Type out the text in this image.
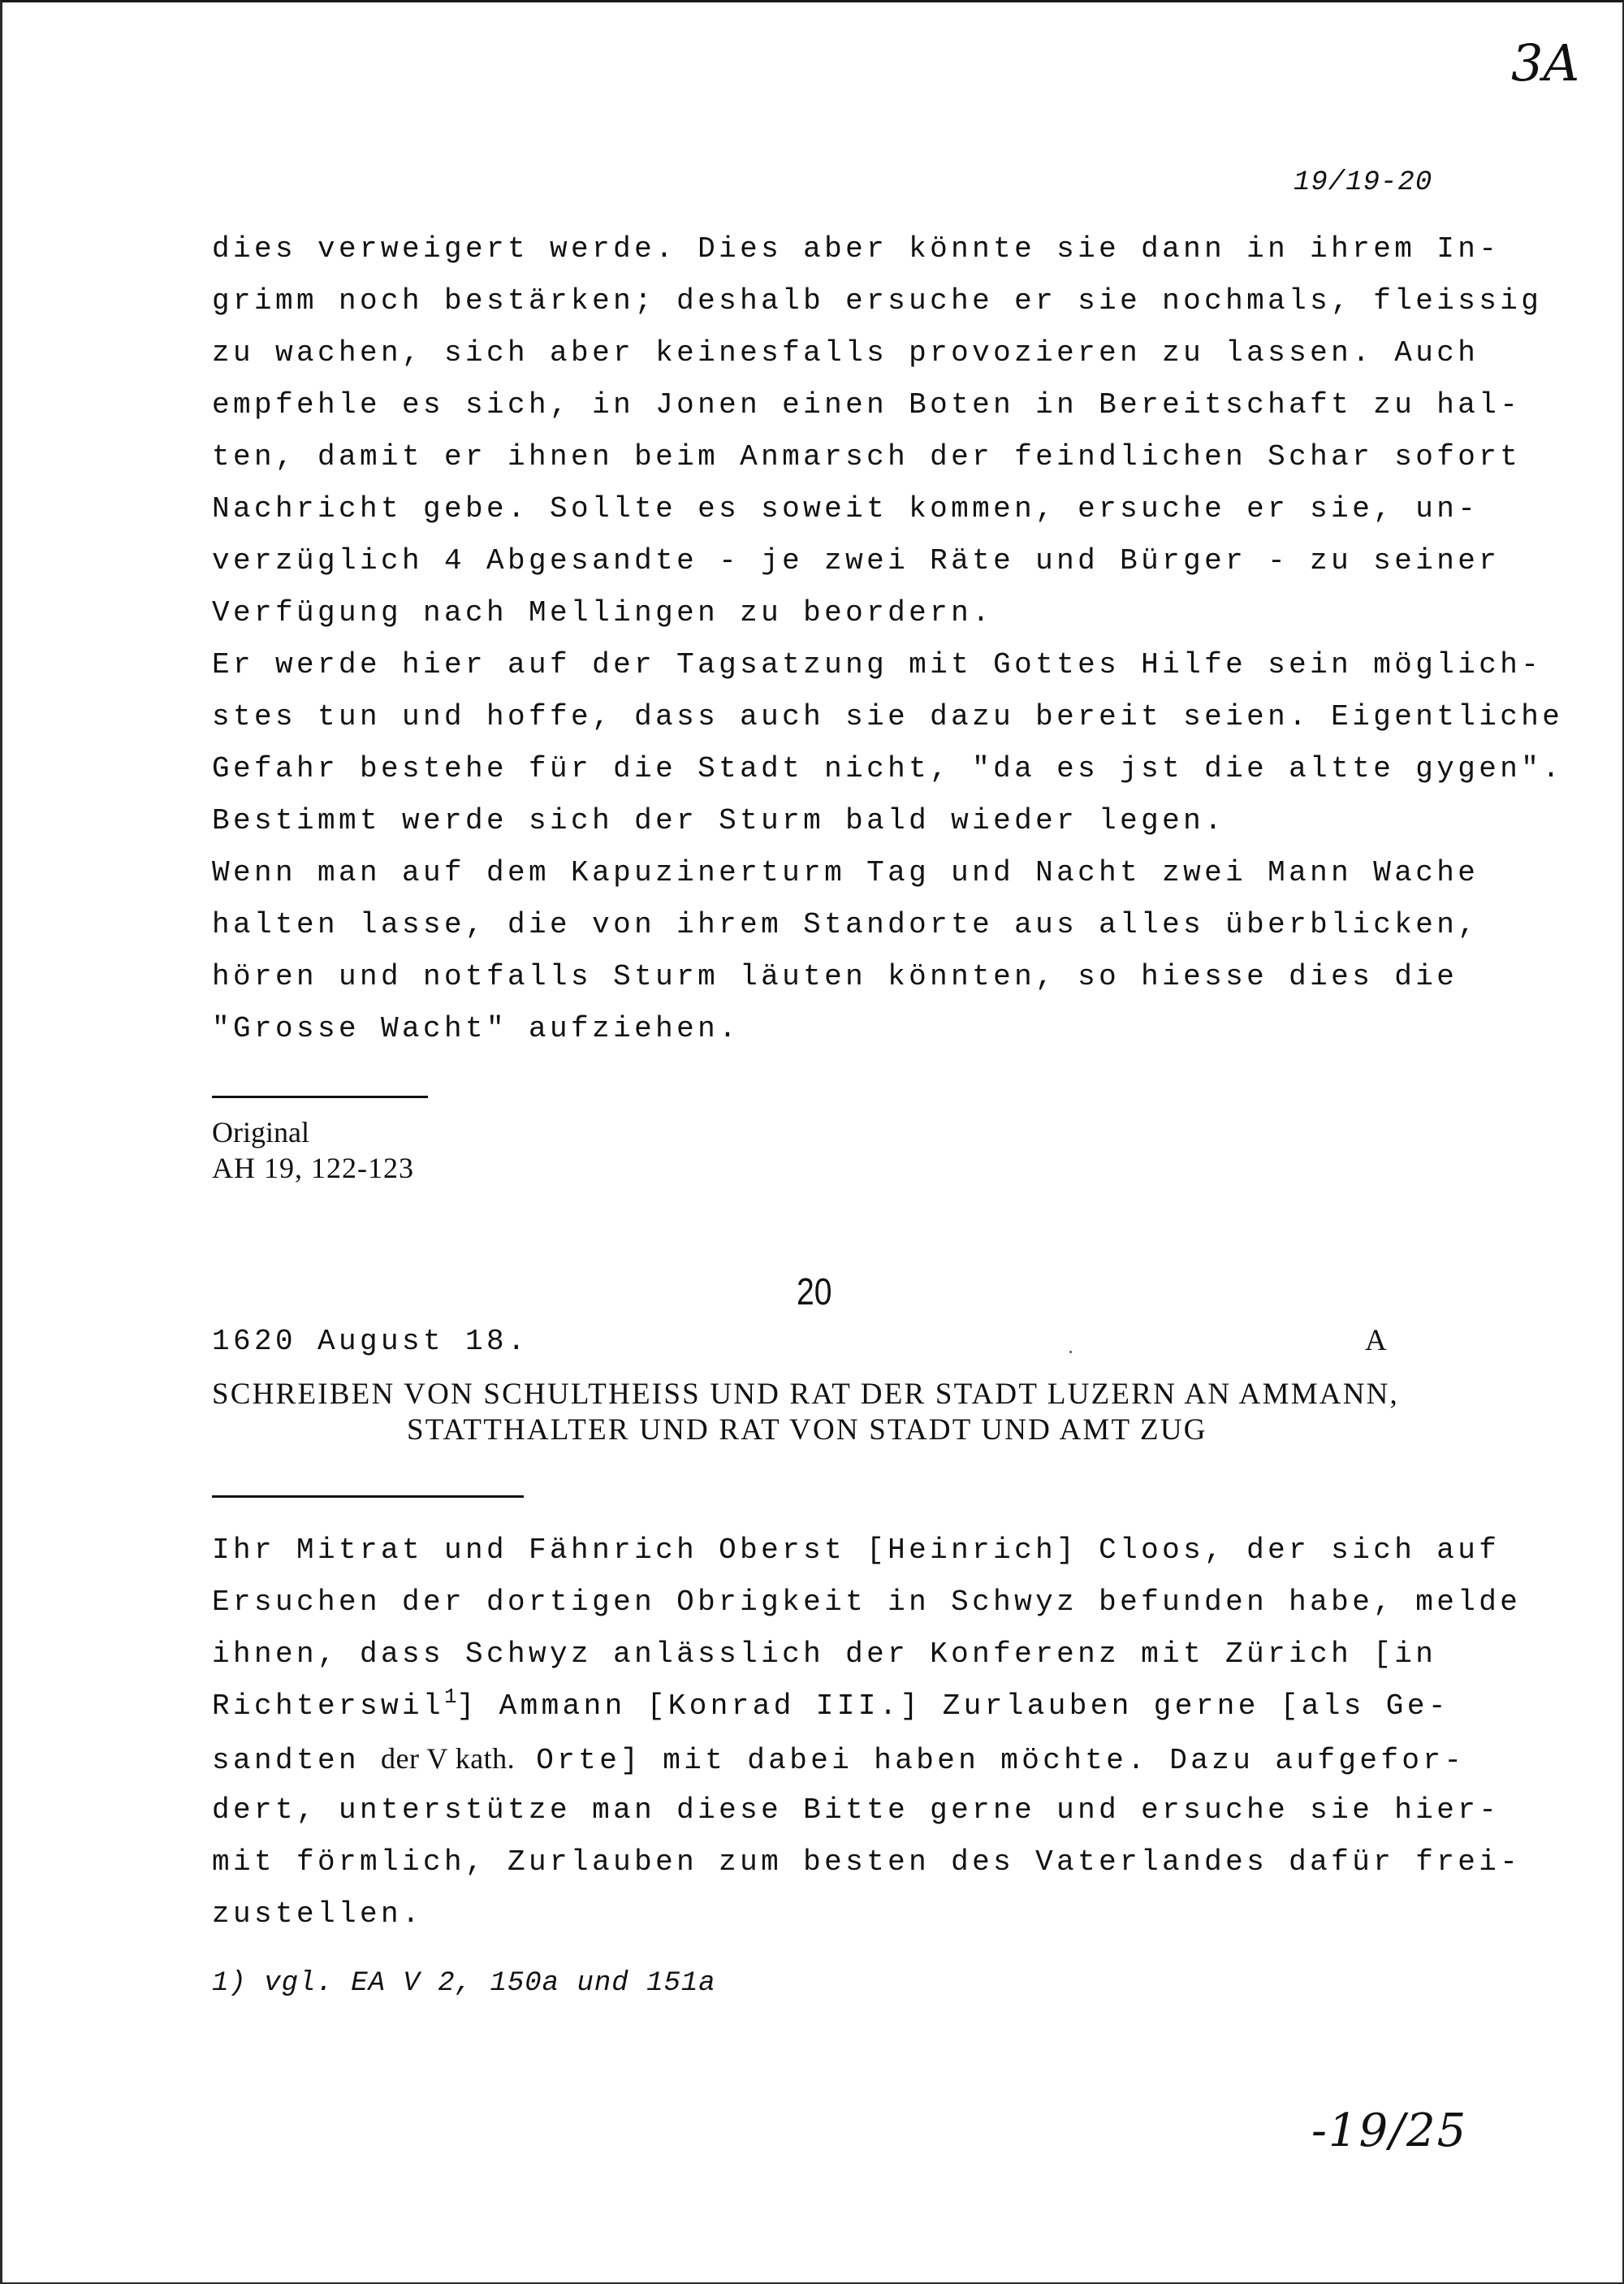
3A
19/19-20
dies verweigert werde. Dies aber könnte sie dann in ihrem In-
grimm noch bestärken; deshalb ersuche er sie nochmals, fleissig
zu wachen, sich aber keinesfalls provozieren zu lassen. Auch
empfehle es sich, in Jonen einen Boten in Bereitschaft zu hal-
ten, damit er ihnen beim Anmarsch der feindlichen Schar sofort
Nachricht gebe. Sollte es soweit kommen, ersuche er sie, un-
verzüglich 4 Abgesandte - je zwei Räte und Bürger - zu seiner
Verfügung nach Mellingen zu beordern.
Er werde hier auf der Tagsatzung mit Gottes Hilfe sein möglich-
stes tun und hoffe, dass auch sie dazu bereit seien. Eigentliche
Gefahr bestehe für die Stadt nicht, "da es jst die altte gygen".
Bestimmt werde sich der Sturm bald wieder legen.
Wenn man auf dem Kapuzinerturm Tag und Nacht zwei Mann Wache
halten lasse, die von ihrem Standorte aus alles überblicken,
hören und notfalls Sturm läuten könnten, so hiesse dies die
"Grosse Wacht" aufziehen.
Original
AH 19, 122-123
20
1620 August 18.	A
SCHREIBEN VON SCHULTHEISS UND RAT DER STADT LUZERN AN AMMANN,
STATTHALTER UND RAT VON STADT UND AMT ZUG
Ihr Mitrat und Fähnrich Oberst [Heinrich] Cloos, der sich auf
Ersuchen der dortigen Obrigkeit in Schwyz befunden habe, melde
ihnen, dass Schwyz anlässlich der Konferenz mit Zürich [in
Richterswil$^1$] Ammann [Konrad III.] Zurlauben gerne [als Ge-
sandten der V kath. Orte] mit dabei haben möchte. Dazu aufgefor-
dert, unterstütze man diese Bitte gerne und ersuche sie hier-
mit förmlich, Zurlauben zum besten des Vaterlandes dafür frei-
zustellen.
1) vgl. EA V 2, 150a und 151a
-19/25
